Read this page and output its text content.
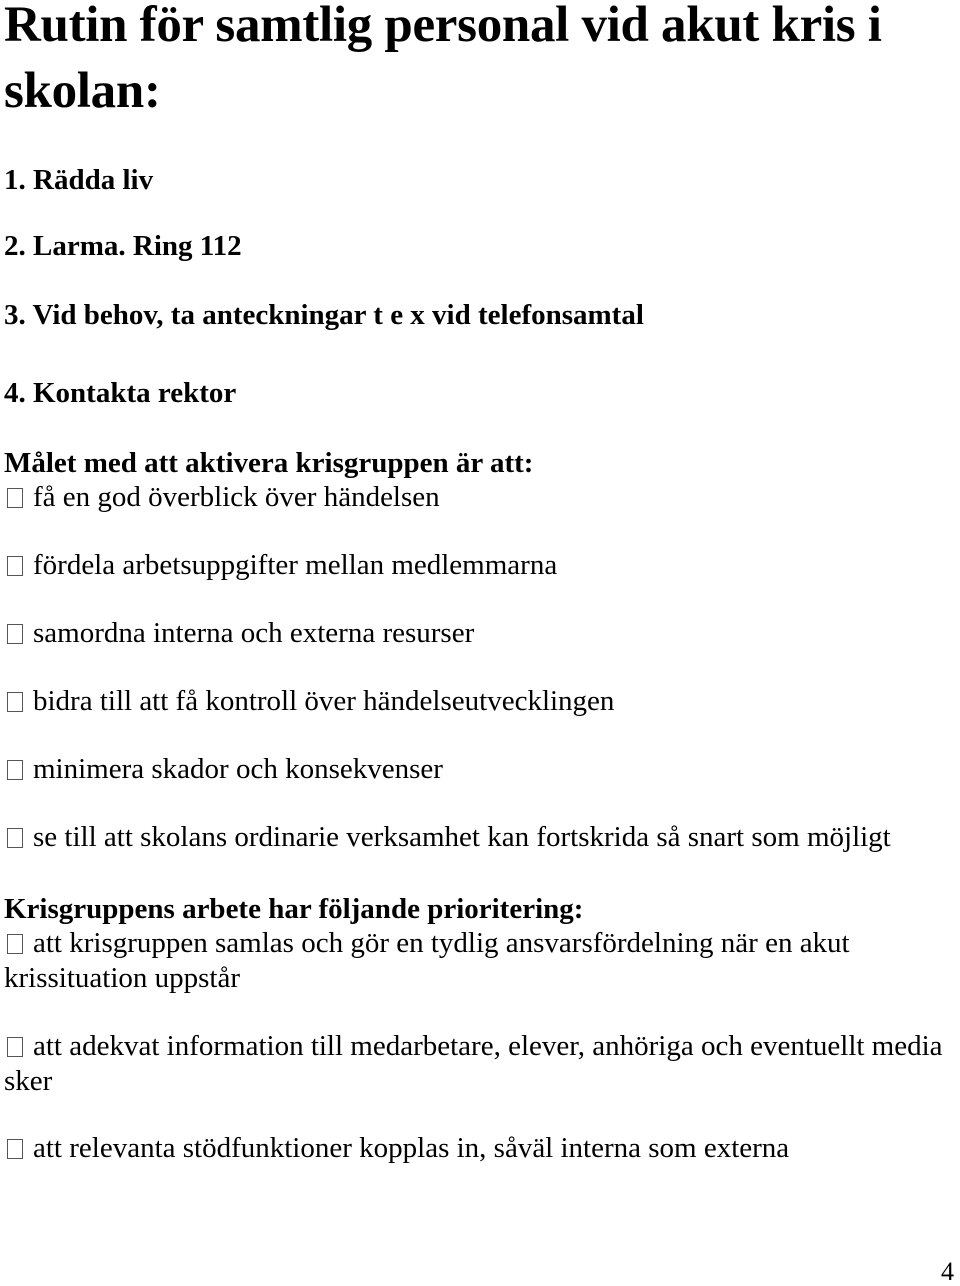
Rutin för samtlig personal vid akut kris i skolan:

1. Rädda liv

2. Larma. Ring 112

3. Vid behov, ta anteckningar t e x vid telefonsamtal

4. Kontakta rektor

Målet med att aktivera krisgruppen är att:

få en god överblick över händelsen

fördela arbetsuppgifter mellan medlemmarna

samordna interna och externa resurser

bidra till att få kontroll över händelseutvecklingen

minimera skador och konsekvenser

se till att skolans ordinarie verksamhet kan fortskrida så snart som möjligt

Krisgruppens arbete har följande prioritering:

att krisgruppen samlas och gör en tydlig ansvarsfördelning när en akut krissituation uppstår

att adekvat information till medarbetare, elever, anhöriga och eventuellt media sker

att relevanta stödfunktioner kopplas in, såväl interna som externa

4
